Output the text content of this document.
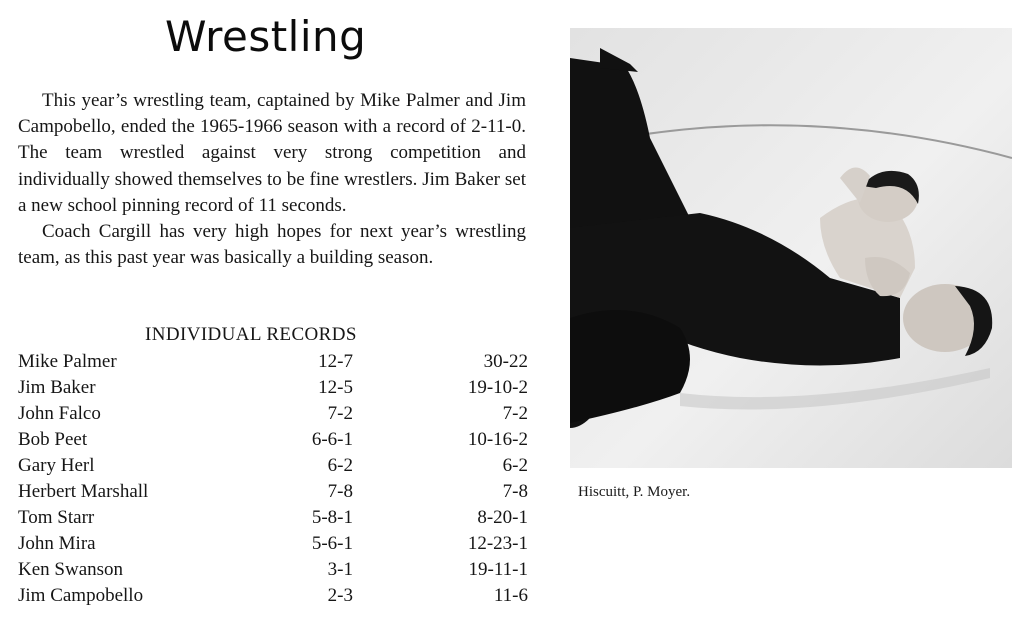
Wrestling

This year’s wrestling team, captained by Mike Palmer and Jim Campobello, ended the 1965-1966 season with a record of 2-11-0. The team wrestled against very strong competition and individually showed themselves to be fine wrestlers. Jim Baker set a new school pinning record of 11 seconds.

Coach Cargill has very high hopes for next year’s wrestling team, as this past year was basically a building season.

INDIVIDUAL RECORDS
Mike Palmer	12-7	30-22
Jim Baker	12-5	19-10-2
John Falco	7-2	7-2
Bob Peet	6-6-1	10-16-2
Gary Herl	6-2	6-2
Herbert Marshall	7-8	7-8
Tom Starr	5-8-1	8-20-1
John Mira	5-6-1	12-23-1
Ken Swanson	3-1	19-11-1
Jim Campobello	2-3	11-6

Hiscuitt, P. Moyer.
